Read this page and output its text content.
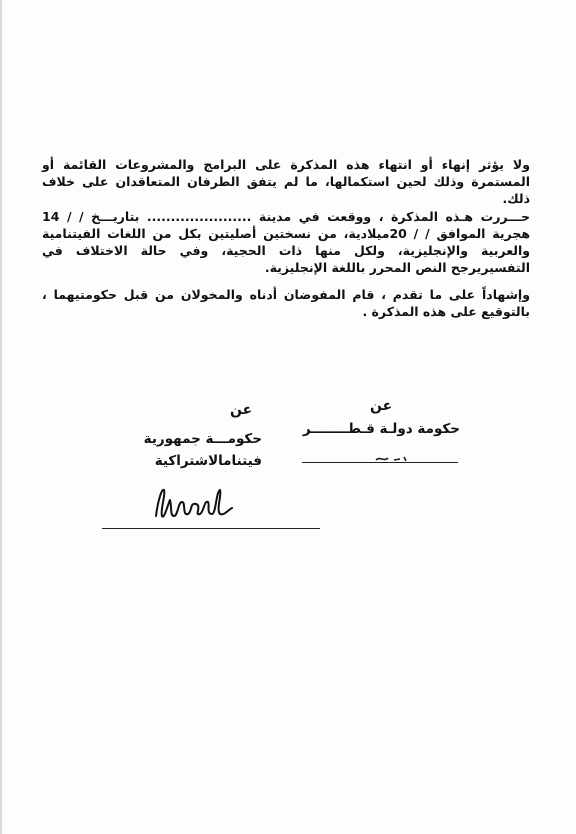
ولا يؤثر إنهاء أو انتهاء هذه المذكرة على البرامج والمشروعات القائمة أو المستمرة وذلك لحين استكمالها، ما لم يتفق الطرفان المتعاقدان على خلاف ذلك.

حـــررت هـذه المذكرة ، ووقعت في مدينة ...................... بتاريـــخ / / 14 هجرية الموافق / / 20ميلادية، من نسختين أصليتين بكل من اللغات الفيتنامية والعربية والإنجليزية، ولكل منها ذات الحجية، وفي حالة الاختلاف في التفسيريرجح النص المحرر باللغة الإنجليزية.

وإشهاداً على ما تقدم ، قام المفوضان أدناه والمخولان من قبل حكومتيهما ، بالتوقيع على هذه المذكرة .

عن
حكومة دولـة قـطــــــــر
عن
حكومـــة جمهورية
فيتنامالاشتراكية
